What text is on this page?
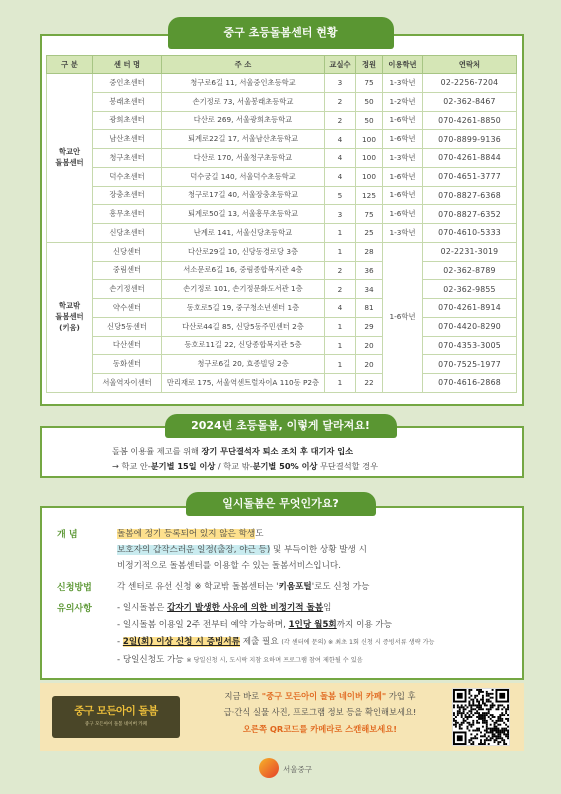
중구 초등돌봄센터 현황
구 분	센 터 명	주 소	교실수	정원	이용학년	연락처
학교안
돌봄센터	중인초센터	청구로6길 11, 서울중인초등학교	3	75	1-3학년	02-2256-7204
	봉래초센터	손기정로 73, 서울봉래초등학교	2	50	1-2학년	02-362-8467
	광희초센터	다산로 269, 서울광희초등학교	2	50	1-6학년	070-4261-8850
	남산초센터	퇴계로22길 17, 서울남산초등학교	4	100	1-6학년	070-8899-9136
	청구초센터	다산로 170, 서울청구초등학교	4	100	1-3학년	070-4261-8844
	덕수초센터	덕수궁길 140, 서울덕수초등학교	4	100	1-6학년	070-4651-3777
	장충초센터	청구로17길 40, 서울장충초등학교	5	125	1-6학년	070-8827-6368
	흥무초센터	퇴계로50길 13, 서울흥무초등학교	3	75	1-6학년	070-8827-6352
	신당초센터	난계로 141, 서울신당초등학교	1	25	1-3학년	070-4610-5333
학교밖
돌봄센터
(키움)	신당센터	다산로29길 10, 신당동경로당 3층	1	28	1-6학년	02-2231-3019
	중림센터	서소문로6길 16, 중림종합복지관 4층	2	36		02-362-8789
	손기정센터	손기정로 101, 손기정문화도서관 1층	2	34		02-362-9855
	약수센터	동호로5길 19, 중구청소년센터 1층	4	81		070-4261-8914
	신당5동센터	다산로44길 85, 신당5동주민센터 2층	1	29		070-4420-8290
	다산센터	동호로11길 22, 신당종합복지관 5층	1	20		070-4353-3005
	동화센터	청구로6길 20, 효종빌딩 2층	1	20		070-7525-1977
	서울역자이센터	만리재로 175, 서울역센트럴자이A 110동 P2층	1	22		070-4616-2868
2024년 초등돌봄, 이렇게 달라져요!
돌봄 이용률 제고를 위해 장기 무단결석자 퇴소 조치 후 대기자 입소
→ 학교 안-분기별 15일 이상 / 학교 밖-분기별 50% 이상 무단결석할 경우
일시돌봄은 무엇인가요?
개 념	돌봄에 정기 등록되어 있지 않은 학생도
보호자의 갑작스러운 일정(출장, 야근 등) 및 부득이한 상황 발생 시
비정기적으로 돌봄센터를 이용할 수 있는 돌봄서비스입니다.
신청방법	각 센터로 유선 신청 ※ 학교밖 돌봄센터는 '키움포털'로도 신청 가능
유의사항	- 일시돌봄은 갑자기 발생한 사유에 의한 비정기적 돌봄임
- 일시돌봄 이용일 2주 전부터 예약 가능하며, 1인당 월5회까지 이용 가능
- 2일(회) 이상 신청 시 증빙서류 제출 필요 (각 센터에 문의) ※ 최초 1회 신청 시 증빙서류 생략 가능
- 당일신청도 가능 ※ 당일신청 시, 도시락 지참 요하며 프로그램 참여 제한될 수 있음
중구 모든아이 돌봄
중구 모든아이 돌봄 네이버 카페
지금 바로 "중구 모든아이 돌봄 네이버 카페" 가입 후
급·간식 실물 사진, 프로그램 정보 등을 확인해보세요!
오른쪽 QR코드를 카메라로 스캔해보세요!
서울중구
